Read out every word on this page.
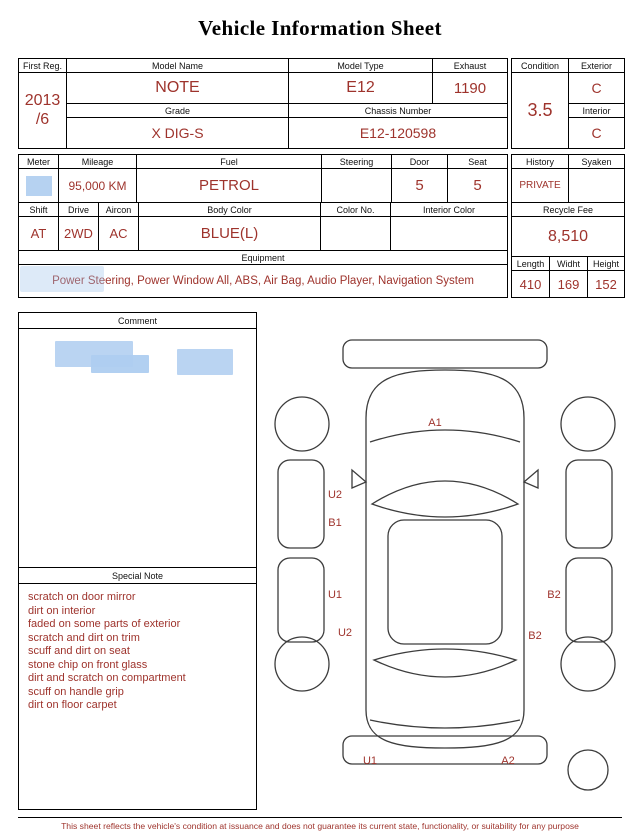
Vehicle Information Sheet
First Reg.	Model Name	Model Type	Exhaust

2013
/6	NOTE	E12	1190
	Grade	Chassis Number	
	X DIG-S	E12-120598	
Condition	Exterior
3.5	C
	Interior
	C
Meter	Mileage	Fuel	Steering	Door	Seat
	95,000 KM	PETROL		5	5
Shift	Drive	Aircon	Body Color	Color No.	Interior Color
AT	2WD	AC	BLUE(L)		
Equipment
Power Steering, Power Window All, ABS, Air Bag, Audio Player, Navigation System
History	Syaken
PRIVATE	
Recycle Fee
8,510
Length	Widht	Height
410	169	152
Comment
Special Note
scratch on door mirror
dirt on interior
faded on some parts of exterior
scratch and dirt on trim
scuff and dirt on seat
stone chip on front glass
dirt and scratch on compartment
scuff on handle grip
dirt on floor carpet
A1
U2
B1
U1
U2
B2
B2
U1	A2
This sheet reflects the vehicle's condition at issuance and does not guarantee its current state, functionality, or suitability for any purpose
